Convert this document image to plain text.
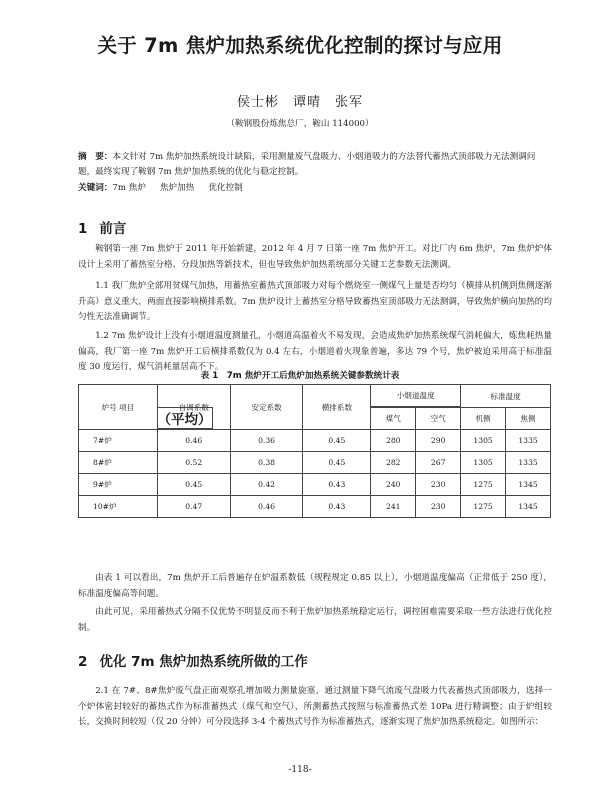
关于 7m 焦炉加热系统优化控制的探讨与应用
侯士彬　谭晴　张军
（鞍钢股份炼焦总厂，鞍山 114000）
摘　要：本文针对 7m 焦炉加热系统设计缺陷，采用测量废气盘吸力、小烟道吸力的方法替代蓄热式顶部吸力无法测调问题，最终实现了鞍钢 7m 焦炉加热系统的优化与稳定控制。
关键词：7m 焦炉 焦炉加热 优化控制
1 前言
鞍钢第一座 7m 焦炉于 2011 年开始新建，2012 年 4 月 7 日第一座 7m 焦炉开工。对比厂内 6m 焦炉，7m 焦炉炉体设计上采用了蓄热室分格、分段加热等新技术，但也导致焦炉加热系统部分关键工艺参数无法测调。
1.1 我厂焦炉全部用贫煤气加热，用蓄热室蓄热式顶部吸力对每个燃烧室一侧煤气上量是否均匀（横排从机侧到焦侧逐渐升高）意义重大，两面直接影响横排系数。7m 焦炉设计上蓄热室分格导致蓄热室顶部吸力无法测调，导致焦炉横向加热的均匀性无法准确调节。
1.2 7m 焦炉设计上没有小烟道温度测量孔，小烟道高温着火不易发现，会造成焦炉加热系统煤气消耗偏大，炼焦耗热量偏高，我厂第一座 7m 焦炉开工后横排系数仅为 0.4 左右，小烟道着火现象普遍，多达 79 个号，焦炉被迫采用高于标准温度 30 度运行，煤气消耗量居高不下。
表 1　7m 焦炉开工后焦炉加热系统关键参数统计表
炉号 项目	自调系数	安定系数	横排系数	小烟道温度	标准温度

（平均）
煤气	空气	机侧	焦侧
7#炉	0.46	0.36	0.45	280	290	1305	1335
8#炉	0.52	0.38	0.45	282	267	1305	1335
9#炉	0.45	0.42	0.43	240	230	1275	1345
10#炉	0.47	0.46	0.43	241	230	1275	1345
由表 1 可以看出，7m 焦炉开工后普遍存在炉温系数低（规程规定 0.85 以上），小烟道温度偏高（正常低于 250 度），标准温度偏高等问题。
由此可见，采用蓄热式分隔不仅优势不明显反而不利于焦炉加热系统稳定运行，调控困难需要采取一些方法进行优化控制。
2 优化 7m 焦炉加热系统所做的工作
2.1 在 7#、8#焦炉废气盘正面观察孔增加吸力测量旋塞，通过测量下降气流废气盘吸力代表蓄热式顶部吸力，选择一个炉体密封较好的蓄热式作为标准蓄热式（煤气和空气），所测蓄热式按照与标准蓄热式差 10Pa 进行精调整；由于炉组较长，交换时间较短（仅 20 分钟）可分段选择 3-4 个蓄热式号作为标准蓄热式，逐渐实现了焦炉加热系统稳定。如图所示：
-118-
